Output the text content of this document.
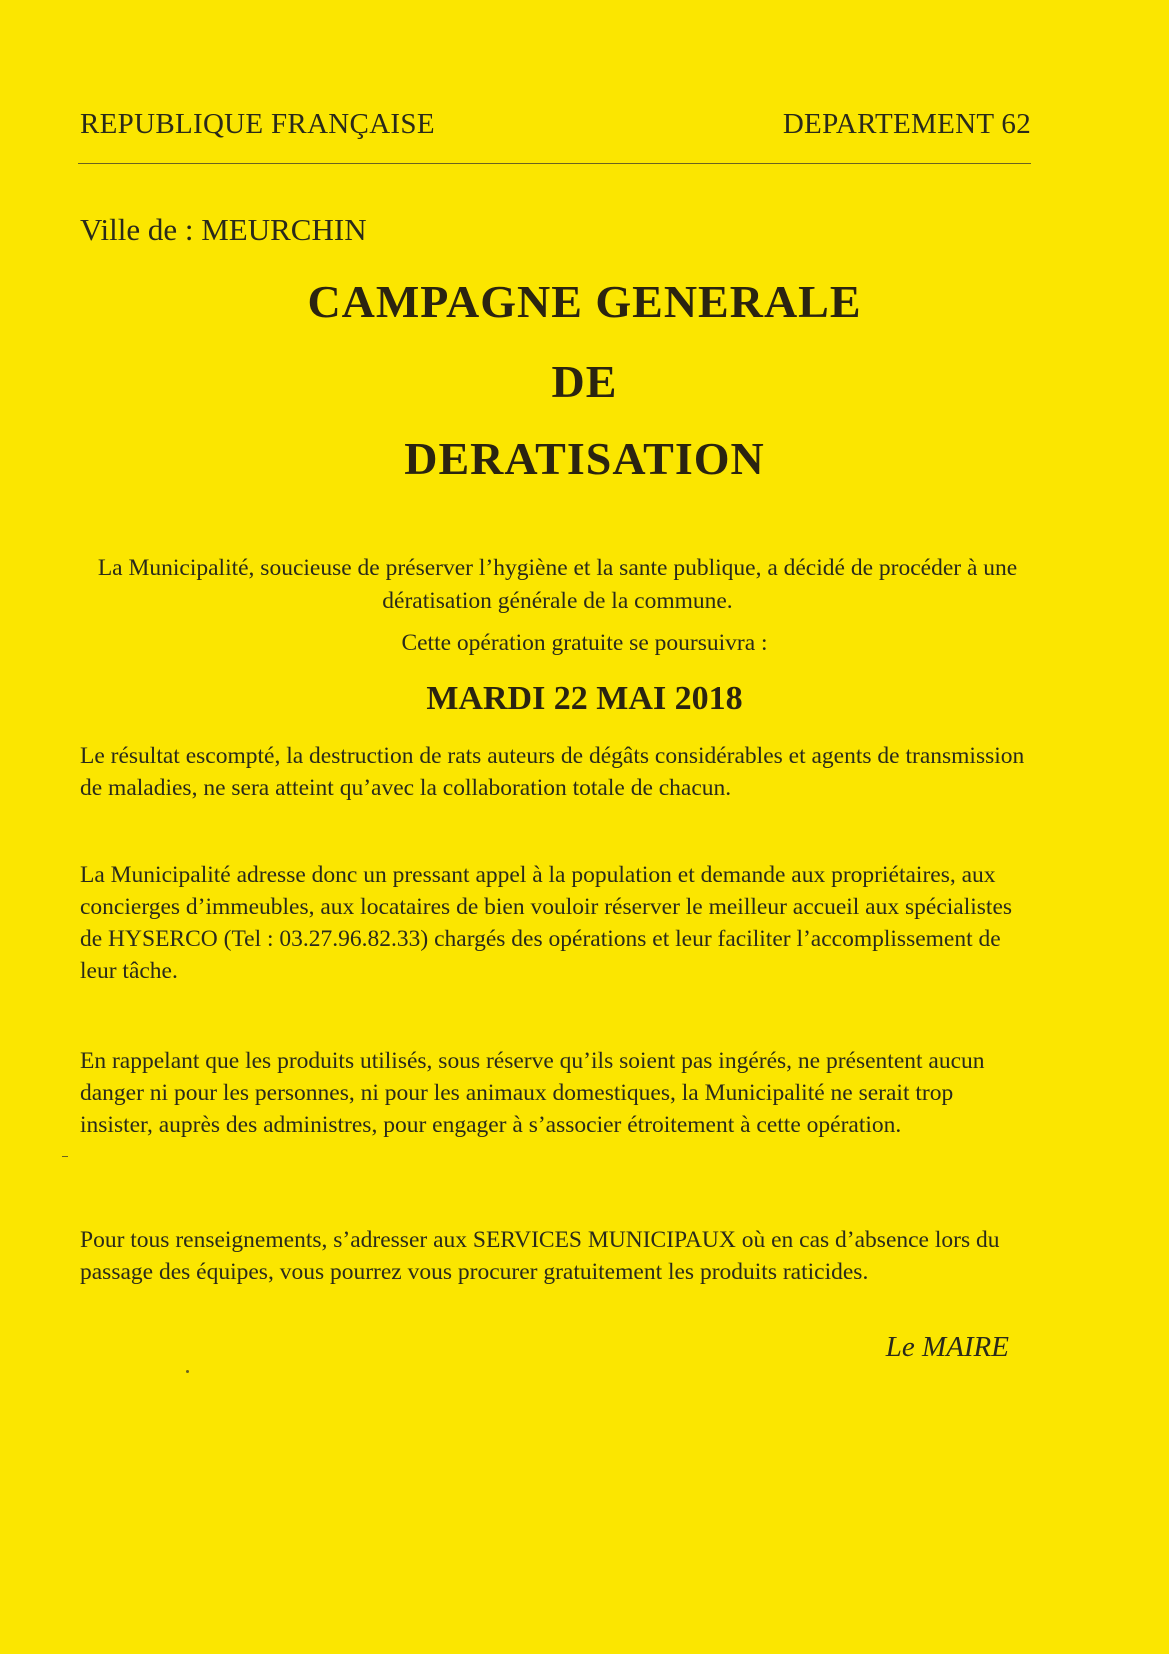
REPUBLIQUE FRANÇAISE	DEPARTEMENT 62
Ville de : MEURCHIN
CAMPAGNE GENERALE
DE
DERATISATION
La Municipalité, soucieuse de préserver l’hygiène et la sante publique, a décidé de procéder à une dératisation générale de la commune.
Cette opération gratuite se poursuivra :
MARDI 22 MAI 2018
Le résultat escompté, la destruction de rats auteurs de dégâts considérables et agents de transmission de maladies, ne sera atteint qu’avec la collaboration totale de chacun.
La Municipalité adresse donc un pressant appel à la population et demande aux propriétaires, aux concierges d’immeubles, aux locataires de bien vouloir réserver le meilleur accueil aux spécialistes de HYSERCO (Tel : 03.27.96.82.33) chargés des opérations et leur faciliter l’accomplissement de leur tâche.
En rappelant que les produits utilisés, sous réserve qu’ils soient pas ingérés, ne présentent aucun danger ni pour les personnes, ni pour les animaux domestiques, la Municipalité ne serait trop insister, auprès des administres, pour engager à s’associer étroitement à cette opération.
Pour tous renseignements, s’adresser aux SERVICES MUNICIPAUX où en cas d’absence lors du passage des équipes, vous pourrez vous procurer gratuitement les produits raticides.
Le MAIRE
